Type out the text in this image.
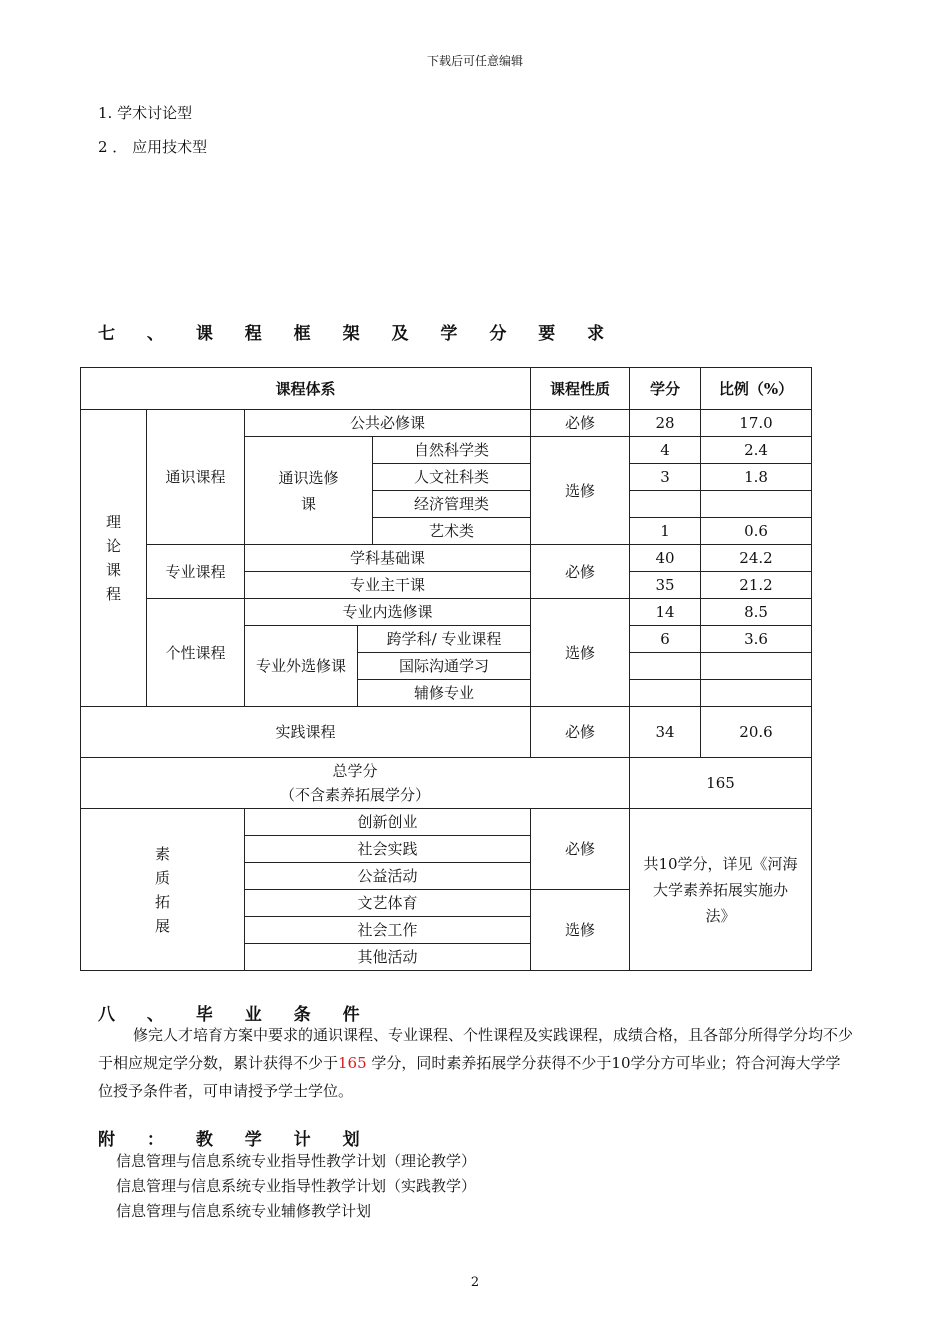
下载后可任意编辑
1. 学术讨论型
2 ． 应用技术型
七 、 课 程 框 架 及 学 分 要 求
课程体系					课程性质	学分	比例（%）
理论课程	通识课程	公共必修课			必修	28	17.0

		通识选修课		自然科学类	选修	4	2.4
				人文社科类		3	1.8
				经济管理类			
				艺术类		1	0.6
	专业课程	学科基础课			必修	40	24.2
		专业主干课				35	21.2
	个性课程	专业内选修课			选修	14	8.5

		专业外选修课	跨学科/ 专业课程			6	3.6
			国际沟通学习				
			辅修专业				
实践课程					必修	34	20.6

总学分
（不含素养拓展学分）						165	
素质拓展		创新创业			必修	共10学分，详见《河海大学素养拓展实施办法》	

		社会实践					
		公益活动					
		文艺体育			选修		
		社会工作					
		其他活动					
八 、 毕 业 条 件
修完人才培育方案中要求的通识课程、专业课程、个性课程及实践课程，成绩合格，且各部分所得学分均不少于相应规定学分数，累计获得不少于165 学分，同时素养拓展学分获得不少于10学分方可毕业；符合河海大学学位授予条件者，可申请授予学士学位。
附 ： 教 学 计 划
信息管理与信息系统专业指导性教学计划（理论教学）
信息管理与信息系统专业指导性教学计划（实践教学）
信息管理与信息系统专业辅修教学计划
2
